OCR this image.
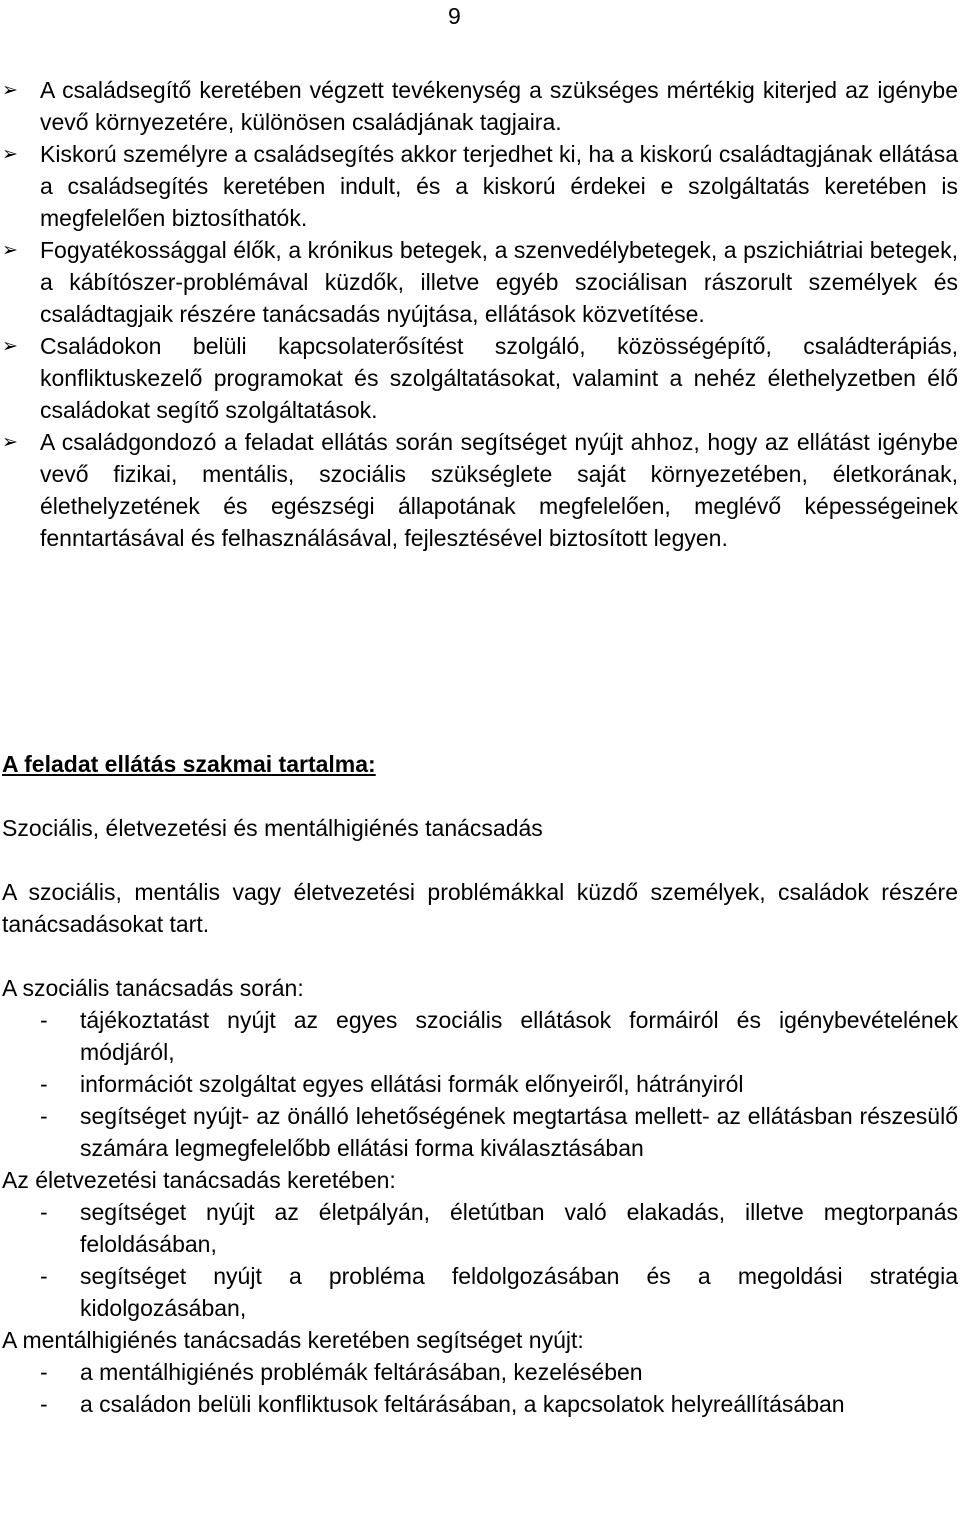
9
➢ A családsegítő keretében végzett tevékenység a szükséges mértékig kiterjed az igénybe vevő környezetére, különösen családjának tagjaira.
➢ Kiskorú személyre a családsegítés akkor terjedhet ki, ha a kiskorú családtagjának ellátása a családsegítés keretében indult, és a kiskorú érdekei e szolgáltatás keretében is megfelelően biztosíthatók.
➢ Fogyatékossággal élők, a krónikus betegek, a szenvedélybetegek, a pszichiátriai betegek, a kábítószer-problémával küzdők, illetve egyéb szociálisan rászorult személyek és családtagjaik részére tanácsadás nyújtása, ellátások közvetítése.
➢ Családokon belüli kapcsolaterősítést szolgáló, közösségépítő, családterápiás, konfliktuskezelő programokat és szolgáltatásokat, valamint a nehéz élethelyzetben élő családokat segítő szolgáltatások.
➢ A családgondozó a feladat ellátás során segítséget nyújt ahhoz, hogy az ellátást igénybe vevő fizikai, mentális, szociális szükséglete saját környezetében, életkorának, élethelyzetének és egészségi állapotának megfelelően, meglévő képességeinek fenntartásával és felhasználásával, fejlesztésével biztosított legyen.
A feladat ellátás szakmai tartalma:
Szociális, életvezetési és mentálhigiénés tanácsadás
A szociális, mentális vagy életvezetési problémákkal küzdő személyek, családok részére tanácsadásokat tart.
A szociális tanácsadás során:
- tájékoztatást nyújt az egyes szociális ellátások formáiról és igénybevételének módjáról,
- információt szolgáltat egyes ellátási formák előnyeiről, hátrányiról
- segítséget nyújt- az önálló lehetőségének megtartása mellett- az ellátásban részesülő számára legmegfelelőbb ellátási forma kiválasztásában
Az életvezetési tanácsadás keretében:
- segítséget nyújt az életpályán, életútban való elakadás, illetve megtorpanás feloldásában,
- segítséget nyújt a probléma feldolgozásában és a megoldási stratégia kidolgozásában,
A mentálhigiénés tanácsadás keretében segítséget nyújt:
- a mentálhigiénés problémák feltárásában, kezelésében
- a családon belüli konfliktusok feltárásában, a kapcsolatok helyreállításában
